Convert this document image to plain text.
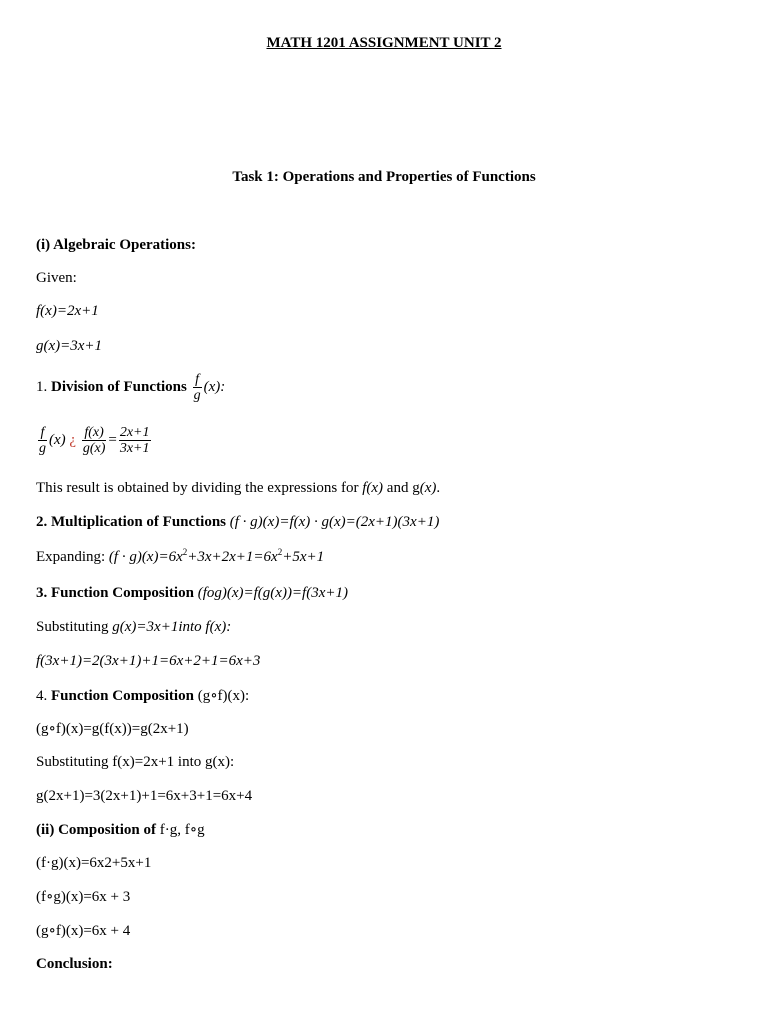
MATH 1201 ASSIGNMENT UNIT 2
Task 1: Operations and Properties of Functions
(i) Algebraic Operations:
Given:
f(x)=2x+1
g(x)=3x+1
1. Division of Functions $\frac{f}{g} (x)$:
$\frac{f}{g} (x)$ ¿ $\frac{f(x)}{g(x)} = \frac{2x+1}{3x+1}$
This result is obtained by dividing the expressions for f(x) and g(x).
2. Multiplication of Functions (f · g)(x)=f(x) · g(x)=(2x+1)(3x+1)
Expanding: $(f \cdot g)(x)=6x^2+3x+2x+1=6x^2+5x+1$
3. Function Composition (fog)(x)=f(g(x))=f(3x+1)
Substituting g(x)=3x+1into f(x):
f(3x+1)=2(3x+1)+1=6x+2+1=6x+3
4. Function Composition (g∘f)(x):
(g∘f)(x)=g(f(x))=g(2x+1)
Substituting f(x)=2x+1 into g(x):
g(2x+1)=3(2x+1)+1=6x+3+1=6x+4
(ii) Composition of f·g, f∘g
(f·g)(x)=6x2+5x+1
(f∘g)(x)=6x + 3
(g∘f)(x)=6x + 4
Conclusion:
